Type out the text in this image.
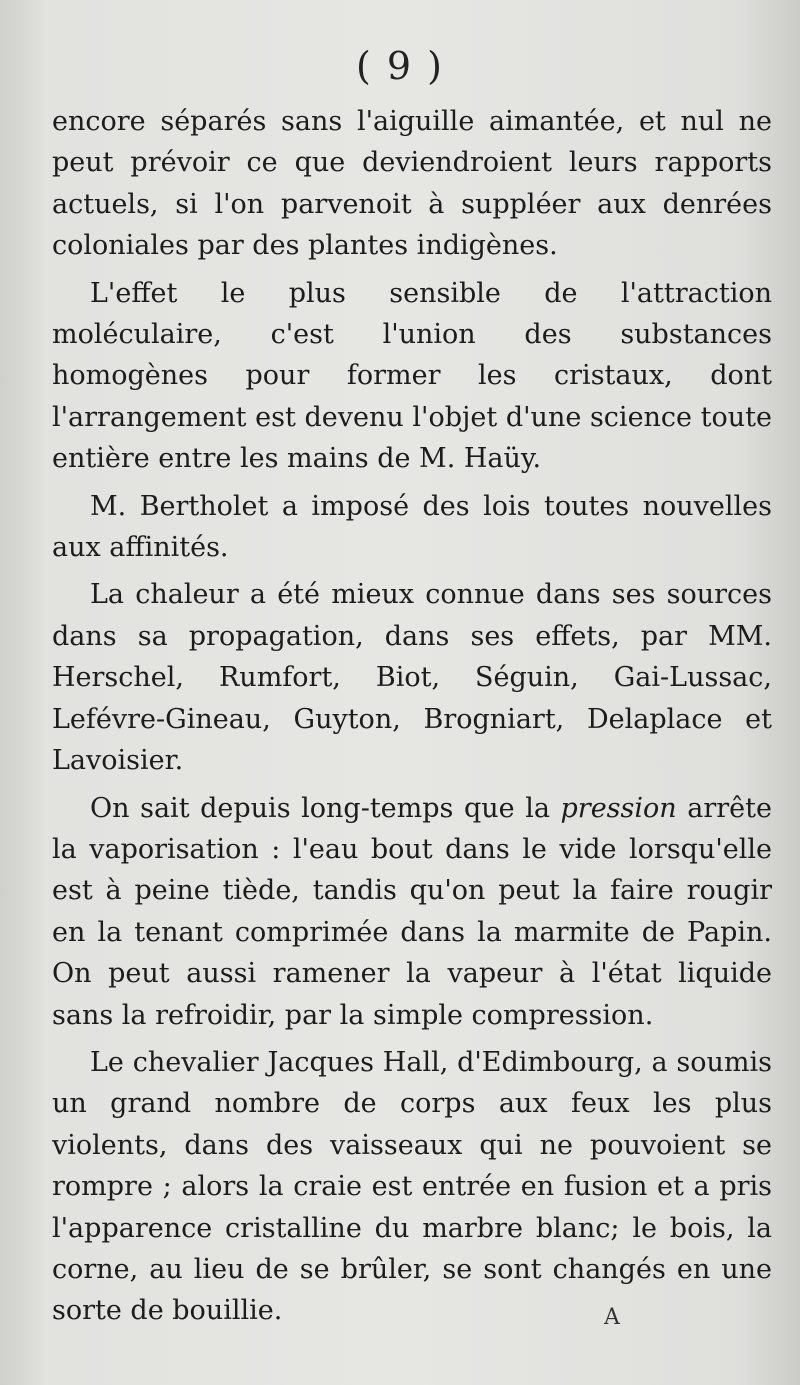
( 9 )

encore séparés sans l'aiguille aimantée, et nul ne peut prévoir ce que deviendroient leurs rapports actuels, si l'on parvenoit à suppléer aux denrées coloniales par des plantes indigènes.

L'effet le plus sensible de l'attraction moléculaire, c'est l'union des substances homogènes pour former les cristaux, dont l'arrangement est devenu l'objet d'une science toute entière entre les mains de M. Haüy.

M. Bertholet a imposé des lois toutes nouvelles aux affinités.

La chaleur a été mieux connue dans ses sources dans sa propagation, dans ses effets, par MM. Herschel, Rumfort, Biot, Séguin, Gai-Lussac, Lefévre-Gineau, Guyton, Brogniart, Delaplace et Lavoisier.

On sait depuis long-temps que la pression arrête la vaporisation : l'eau bout dans le vide lorsqu'elle est à peine tiède, tandis qu'on peut la faire rougir en la tenant comprimée dans la marmite de Papin. On peut aussi ramener la vapeur à l'état liquide sans la refroidir, par la simple compression.

Le chevalier Jacques Hall, d'Edimbourg, a soumis un grand nombre de corps aux feux les plus violents, dans des vaisseaux qui ne pouvoient se rompre ; alors la craie est entrée en fusion et a pris l'apparence cristalline du marbre blanc; le bois, la corne, au lieu de se brûler, se sont changés en une sorte de bouillie.	A
